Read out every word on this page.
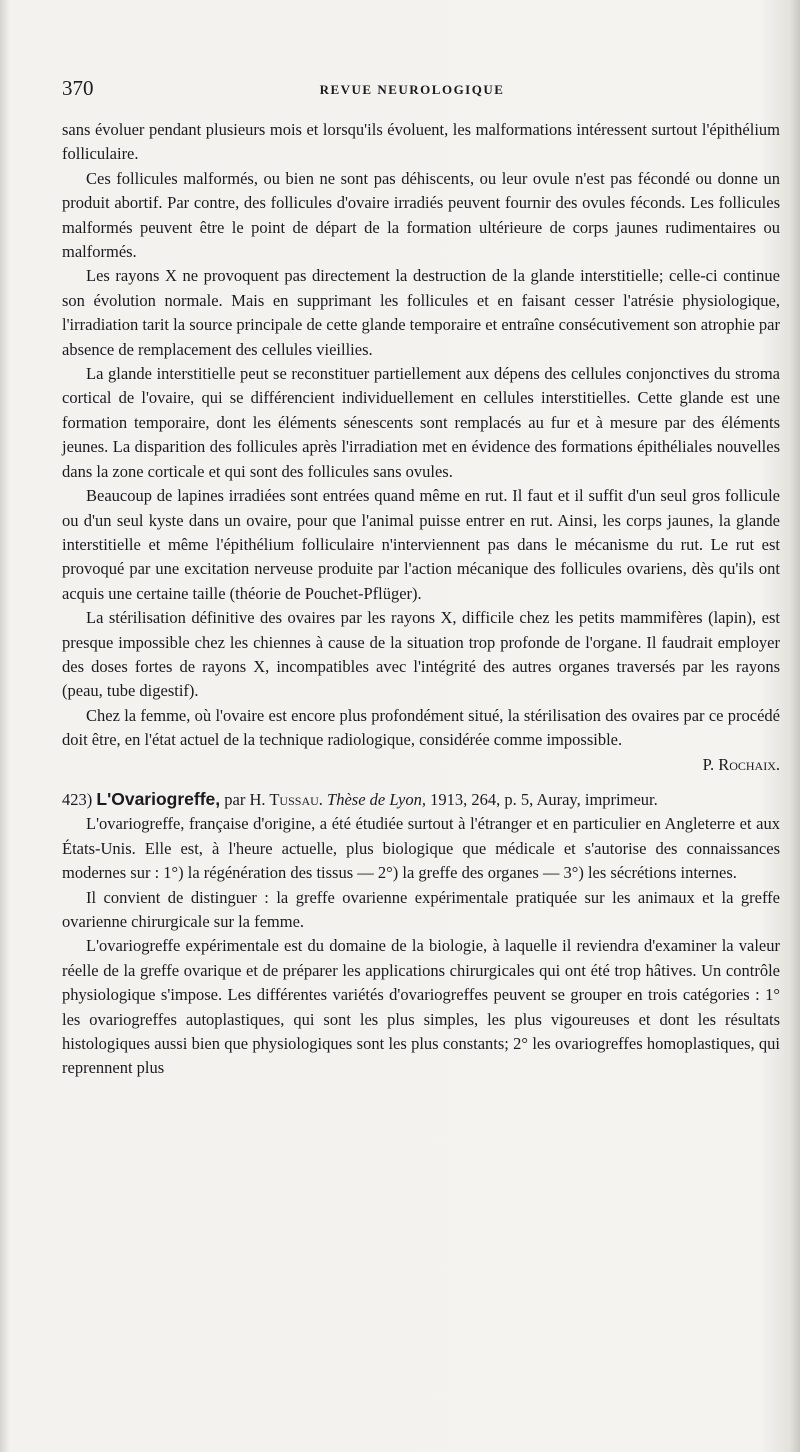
370	REVUE NEUROLOGIQUE

sans évoluer pendant plusieurs mois et lorsqu'ils évoluent, les malformations intéressent surtout l'épithélium folliculaire.

Ces follicules malformés, ou bien ne sont pas déhiscents, ou leur ovule n'est pas fécondé ou donne un produit abortif. Par contre, des follicules d'ovaire irradiés peuvent fournir des ovules féconds. Les follicules malformés peuvent être le point de départ de la formation ultérieure de corps jaunes rudimentaires ou malformés.

Les rayons X ne provoquent pas directement la destruction de la glande interstitielle; celle-ci continue son évolution normale. Mais en supprimant les follicules et en faisant cesser l'atrésie physiologique, l'irradiation tarit la source principale de cette glande temporaire et entraîne consécutivement son atrophie par absence de remplacement des cellules vieillies.

La glande interstitielle peut se reconstituer partiellement aux dépens des cellules conjonctives du stroma cortical de l'ovaire, qui se différencient individuellement en cellules interstitielles. Cette glande est une formation temporaire, dont les éléments sénescents sont remplacés au fur et à mesure par des éléments jeunes. La disparition des follicules après l'irradiation met en évidence des formations épithéliales nouvelles dans la zone corticale et qui sont des follicules sans ovules.

Beaucoup de lapines irradiées sont entrées quand même en rut. Il faut et il suffit d'un seul gros follicule ou d'un seul kyste dans un ovaire, pour que l'animal puisse entrer en rut. Ainsi, les corps jaunes, la glande interstitielle et même l'épithélium folliculaire n'interviennent pas dans le mécanisme du rut. Le rut est provoqué par une excitation nerveuse produite par l'action mécanique des follicules ovariens, dès qu'ils ont acquis une certaine taille (théorie de Pouchet-Pflüger).

La stérilisation définitive des ovaires par les rayons X, difficile chez les petits mammifères (lapin), est presque impossible chez les chiennes à cause de la situation trop profonde de l'organe. Il faudrait employer des doses fortes de rayons X, incompatibles avec l'intégrité des autres organes traversés par les rayons (peau, tube digestif).

Chez la femme, où l'ovaire est encore plus profondément situé, la stérilisation des ovaires par ce procédé doit être, en l'état actuel de la technique radiologique, considérée comme impossible.

P. Rochaix.

423) L'Ovariogreffe, par H. Tussau. Thèse de Lyon, 1913, 264, p. 5, Auray, imprimeur.

L'ovariogreffe, française d'origine, a été étudiée surtout à l'étranger et en particulier en Angleterre et aux États-Unis. Elle est, à l'heure actuelle, plus biologique que médicale et s'autorise des connaissances modernes sur : 1°) la régénération des tissus — 2°) la greffe des organes — 3°) les sécrétions internes.

Il convient de distinguer : la greffe ovarienne expérimentale pratiquée sur les animaux et la greffe ovarienne chirurgicale sur la femme.

L'ovariogreffe expérimentale est du domaine de la biologie, à laquelle il reviendra d'examiner la valeur réelle de la greffe ovarique et de préparer les applications chirurgicales qui ont été trop hâtives. Un contrôle physiologique s'impose. Les différentes variétés d'ovariogreffes peuvent se grouper en trois catégories : 1° les ovariogreffes autoplastiques, qui sont les plus simples, les plus vigoureuses et dont les résultats histologiques aussi bien que physiologiques sont les plus constants; 2° les ovariogreffes homoplastiques, qui reprennent plus
